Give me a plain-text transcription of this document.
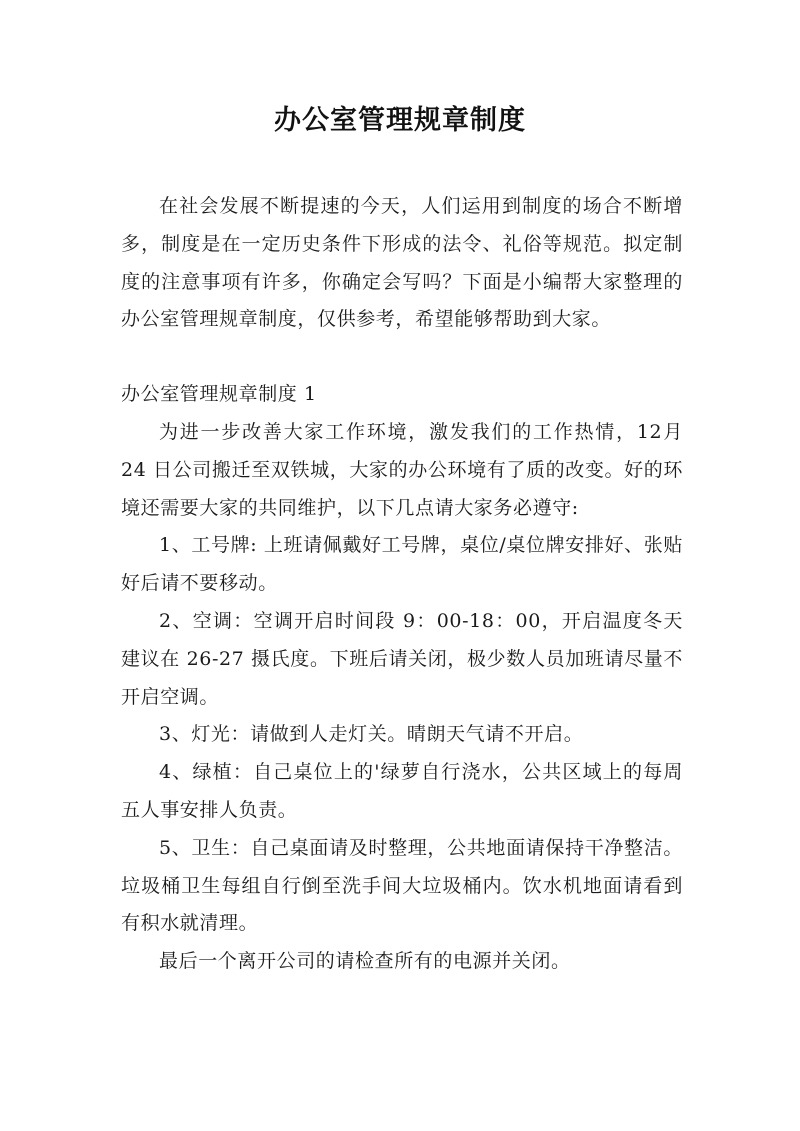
办公室管理规章制度

在社会发展不断提速的今天，人们运用到制度的场合不断增多，制度是在一定历史条件下形成的法令、礼俗等规范。拟定制度的注意事项有许多，你确定会写吗？下面是小编帮大家整理的办公室管理规章制度，仅供参考，希望能够帮助到大家。

办公室管理规章制度 1

为进一步改善大家工作环境，激发我们的工作热情，12月 24 日公司搬迁至双铁城，大家的办公环境有了质的改变。好的环境还需要大家的共同维护，以下几点请大家务必遵守:

1、工号牌: 上班请佩戴好工号牌，桌位/桌位牌安排好、张贴好后请不要移动。

2、空调：空调开启时间段 9：00-18：00，开启温度冬天建议在 26-27 摄氏度。下班后请关闭，极少数人员加班请尽量不开启空调。

3、灯光：请做到人走灯关。晴朗天气请不开启。

4、绿植：自己桌位上的'绿萝自行浇水，公共区域上的每周五人事安排人负责。

5、卫生：自己桌面请及时整理，公共地面请保持干净整洁。垃圾桶卫生每组自行倒至洗手间大垃圾桶内。饮水机地面请看到有积水就清理。

最后一个离开公司的请检查所有的电源并关闭。
